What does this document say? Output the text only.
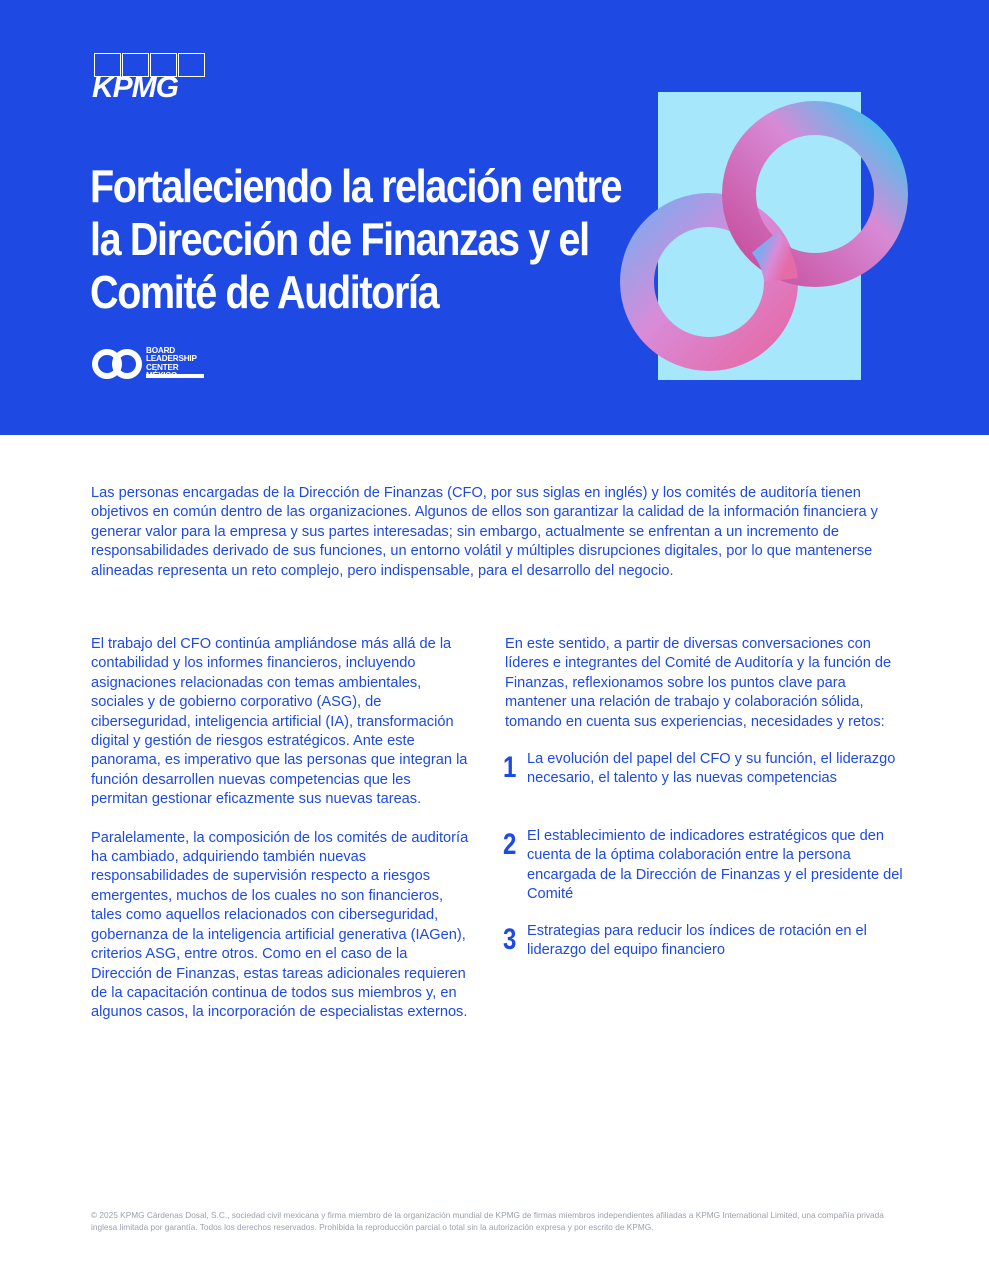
KPMG
Fortaleciendo la relación entre
la Dirección de Finanzas y el
Comité de Auditoría
BOARD
LEADERSHIP
CENTER

Las personas encargadas de la Dirección de Finanzas (CFO, por sus siglas en inglés) y los comités de auditoría tienen objetivos en común dentro de las organizaciones. Algunos de ellos son garantizar la calidad de la información financiera y generar valor para la empresa y sus partes interesadas; sin embargo, actualmente se enfrentan a un incremento de responsabilidades derivado de sus funciones, un entorno volátil y múltiples disrupciones digitales, por lo que mantenerse alineadas representa un reto complejo, pero indispensable, para el desarrollo del negocio.

El trabajo del CFO continúa ampliándose más allá de la contabilidad y los informes financieros, incluyendo asignaciones relacionadas con temas ambientales, sociales y de gobierno corporativo (ASG), de ciberseguridad, inteligencia artificial (IA), transformación digital y gestión de riesgos estratégicos. Ante este panorama, es imperativo que las personas que integran la función desarrollen nuevas competencias que les permitan gestionar eficazmente sus nuevas tareas.

Paralelamente, la composición de los comités de auditoría ha cambiado, adquiriendo también nuevas responsabilidades de supervisión respecto a riesgos emergentes, muchos de los cuales no son financieros, tales como aquellos relacionados con ciberseguridad, gobernanza de la inteligencia artificial generativa (IAGen), criterios ASG, entre otros. Como en el caso de la Dirección de Finanzas, estas tareas adicionales requieren de la capacitación continua de todos sus miembros y, en algunos casos, la incorporación de especialistas externos.

En este sentido, a partir de diversas conversaciones con líderes e integrantes del Comité de Auditoría y la función de Finanzas, reflexionamos sobre los puntos clave para mantener una relación de trabajo y colaboración sólida, tomando en cuenta sus experiencias, necesidades y retos:

1 La evolución del papel del CFO y su función, el liderazgo necesario, el talento y las nuevas competencias
2 El establecimiento de indicadores estratégicos que den cuenta de la óptima colaboración entre la persona encargada de la Dirección de Finanzas y el presidente del Comité
3 Estrategias para reducir los índices de rotación en el liderazgo del equipo financiero

© 2025 KPMG Cárdenas Dosal, S.C., sociedad civil mexicana y firma miembro de la organización mundial de KPMG de firmas miembros independientes afiliadas a KPMG International Limited, una compañía privada inglesa limitada por garantía. Todos los derechos reservados. Prohibida la reproducción parcial o total sin la autorización expresa y por escrito de KPMG.
